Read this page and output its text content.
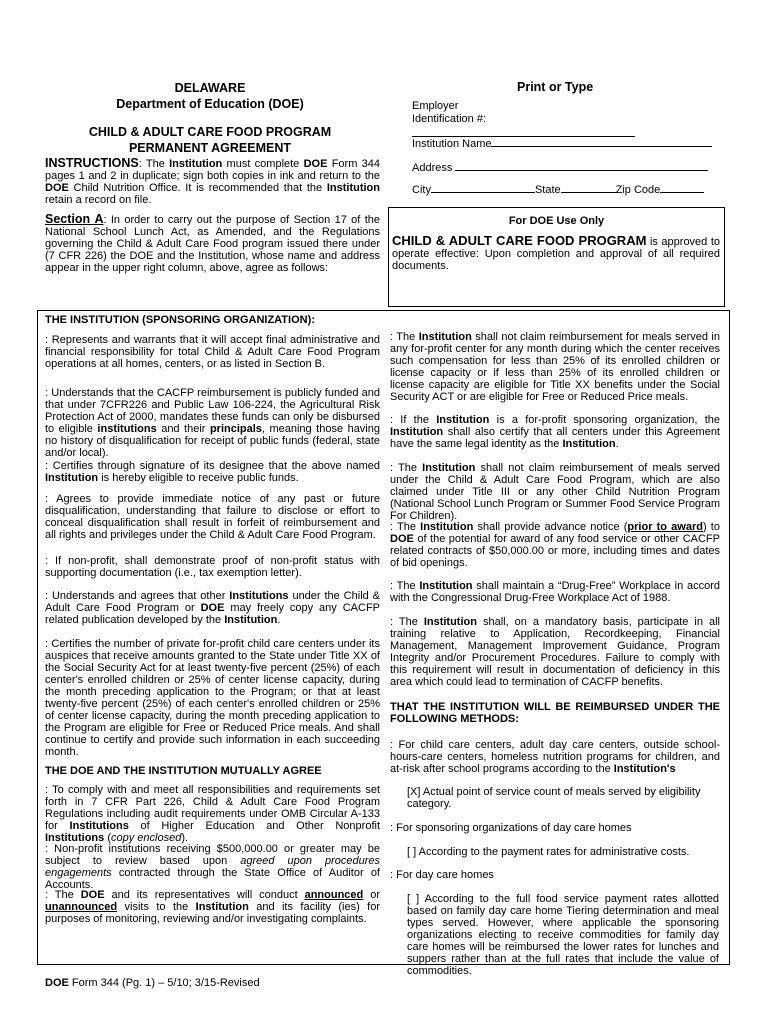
DELAWARE
Department of Education (DOE)
CHILD & ADULT CARE FOOD PROGRAM
PERMANENT AGREEMENT
Print or Type
Employer
Identification #:
Institution Name
Address
City	State	Zip Code
INSTRUCTIONS: The Institution must complete DOE Form 344 pages 1 and 2 in duplicate; sign both copies in ink and return to the DOE Child Nutrition Office. It is recommended that the Institution retain a record on file.
Section A: In order to carry out the purpose of Section 17 of the National School Lunch Act, as Amended, and the Regulations governing the Child & Adult Care Food program issued there under (7 CFR 226) the DOE and the Institution, whose name and address appear in the upper right column, above, agree as follows:
For DOE Use Only
CHILD & ADULT CARE FOOD PROGRAM is approved to operate effective: Upon completion and approval of all required documents.
THE INSTITUTION (SPONSORING ORGANIZATION):
: Represents and warrants that it will accept final administrative and financial responsibility for total Child & Adult Care Food Program operations at all homes, centers, or as listed in Section B.
: Understands that the CACFP reimbursement is publicly funded and that under 7CFR226 and Public Law 106-224, the Agricultural Risk Protection Act of 2000, mandates these funds can only be disbursed to eligible institutions and their principals, meaning those having no history of disqualification for receipt of public funds (federal, state and/or local).
: Certifies through signature of its designee that the above named Institution is hereby eligible to receive public funds.
: Agrees to provide immediate notice of any past or future disqualification, understanding that failure to disclose or effort to conceal disqualification shall result in forfeit of reimbursement and all rights and privileges under the Child & Adult Care Food Program.
: If non-profit, shall demonstrate proof of non-profit status with supporting documentation (i.e., tax exemption letter).
: Understands and agrees that other Institutions under the Child & Adult Care Food Program or DOE may freely copy any CACFP related publication developed by the Institution.
: Certifies the number of private for-profit child care centers under its auspices that receive amounts granted to the State under Title XX of the Social Security Act for at least twenty-five percent (25%) of each center's enrolled children or 25% of center license capacity, during the month preceding application to the Program; or that at least twenty-five percent (25%) of each center's enrolled children or 25% of center license capacity, during the month preceding application to the Program are eligible for Free or Reduced Price meals. And shall continue to certify and provide such information in each succeeding month.
THE DOE AND THE INSTITUTION MUTUALLY AGREE
: To comply with and meet all responsibilities and requirements set forth in 7 CFR Part 226, Child & Adult Care Food Program Regulations including audit requirements under OMB Circular A-133 for Institutions of Higher Education and Other Nonprofit Institutions (copy enclosed).
: Non-profit institutions receiving $500,000.00 or greater may be subject to review based upon agreed upon procedures engagements contracted through the State Office of Auditor of Accounts.
: The DOE and its representatives will conduct announced or unannounced visits to the Institution and its facility (ies) for purposes of monitoring, reviewing and/or investigating complaints.
: The Institution shall not claim reimbursement for meals served in any for-profit center for any month during which the center receives such compensation for less than 25% of its enrolled children or license capacity or if less than 25% of its enrolled children or license capacity are eligible for Title XX benefits under the Social Security ACT or are eligible for Free or Reduced Price meals.
: If the Institution is a for-profit sponsoring organization, the Institution shall also certify that all centers under this Agreement have the same legal identity as the Institution.
: The Institution shall not claim reimbursement of meals served under the Child & Adult Care Food Program, which are also claimed under Title III or any other Child Nutrition Program (National School Lunch Program or Summer Food Service Program For Children).
: The Institution shall provide advance notice (prior to award) to DOE of the potential for award of any food service or other CACFP related contracts of $50,000.00 or more, including times and dates of bid openings.
: The Institution shall maintain a “Drug-Free” Workplace in accord with the Congressional Drug-Free Workplace Act of 1988.
: The Institution shall, on a mandatory basis, participate in all training relative to Application, Recordkeeping, Financial Management, Management Improvement Guidance, Program Integrity and/or Procurement Procedures. Failure to comply with this requirement will result in documentation of deficiency in this area which could lead to termination of CACFP benefits.
THAT THE INSTITUTION WILL BE REIMBURSED UNDER THE FOLLOWING METHODS:
: For child care centers, adult day care centers, outside school-hours-care centers, homeless nutrition programs for children, and at-risk after school programs according to the Institution's
[X] Actual point of service count of meals served by eligibility category.
: For sponsoring organizations of day care homes
[ ] According to the payment rates for administrative costs.
: For day care homes
[ ] According to the full food service payment rates allotted based on family day care home Tiering determination and meal types served. However, where applicable the sponsoring organizations electing to receive commodities for family day care homes will be reimbursed the lower rates for lunches and suppers rather than at the full rates that include the value of commodities.
DOE Form 344 (Pg. 1) – 5/10; 3/15-Revised
